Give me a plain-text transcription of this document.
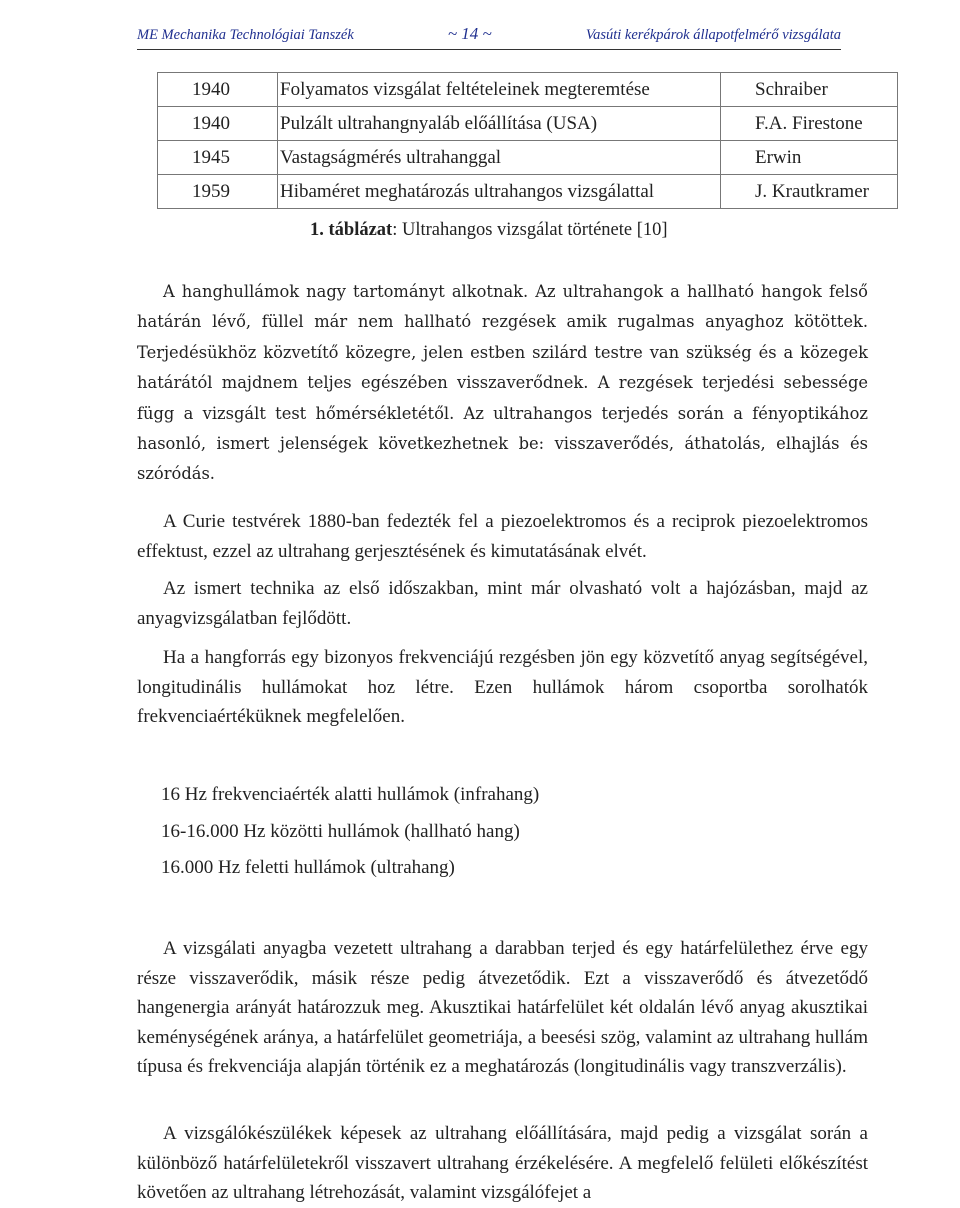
ME Mechanika Technológiai Tanszék	~ 14 ~	Vasúti kerékpárok állapotfelmérő vizsgálata
1940	Folyamatos vizsgálat feltételeinek megteremtése	Schraiber
1940	Pulzált ultrahangnyaláb előállítása (USA)	F.A. Firestone
1945	Vastagságmérés ultrahanggal	Erwin
1959	Hibaméret meghatározás ultrahangos vizsgálattal	J. Krautkramer
1. táblázat: Ultrahangos vizsgálat története [10]

A hanghullámok nagy tartományt alkotnak. Az ultrahangok a hallható hangok felső határán lévő, füllel már nem hallható rezgések amik rugalmas anyaghoz kötöttek. Terjedésükhöz közvetítő közegre, jelen estben szilárd testre van szükség és a közegek határától majdnem teljes egészében visszaverődnek. A rezgések terjedési sebessége függ a vizsgált test hőmérsékletétől. Az ultrahangos terjedés során a fényoptikához hasonló, ismert jelenségek következhetnek be: visszaverődés, áthatolás, elhajlás és szóródás.

A Curie testvérek 1880-ban fedezték fel a piezoelektromos és a reciprok piezoelektromos effektust, ezzel az ultrahang gerjesztésének és kimutatásának elvét.

Az ismert technika az első időszakban, mint már olvasható volt a hajózásban, majd az anyagvizsgálatban fejlődött.

Ha a hangforrás egy bizonyos frekvenciájú rezgésben jön egy közvetítő anyag segítségével, longitudinális hullámokat hoz létre. Ezen hullámok három csoportba sorolhatók frekvenciaértéküknek megfelelően.

16 Hz frekvenciaérték alatti hullámok (infrahang)
16-16.000 Hz közötti hullámok (hallható hang)
16.000 Hz feletti hullámok (ultrahang)

A vizsgálati anyagba vezetett ultrahang a darabban terjed és egy határfelülethez érve egy része visszaverődik, másik része pedig átvezetődik. Ezt a visszaverődő és átvezetődő hangenergia arányát határozzuk meg. Akusztikai határfelület két oldalán lévő anyag akusztikai keménységének aránya, a határfelület geometriája, a beesési szög, valamint az ultrahang hullám típusa és frekvenciája alapján történik ez a meghatározás (longitudinális vagy transzverzális).

A vizsgálókészülékek képesek az ultrahang előállítására, majd pedig a vizsgálat során a különböző határfelületekről visszavert ultrahang érzékelésére. A megfelelő felületi előkészítést követően az ultrahang létrehozását, valamint vizsgálófejet a
